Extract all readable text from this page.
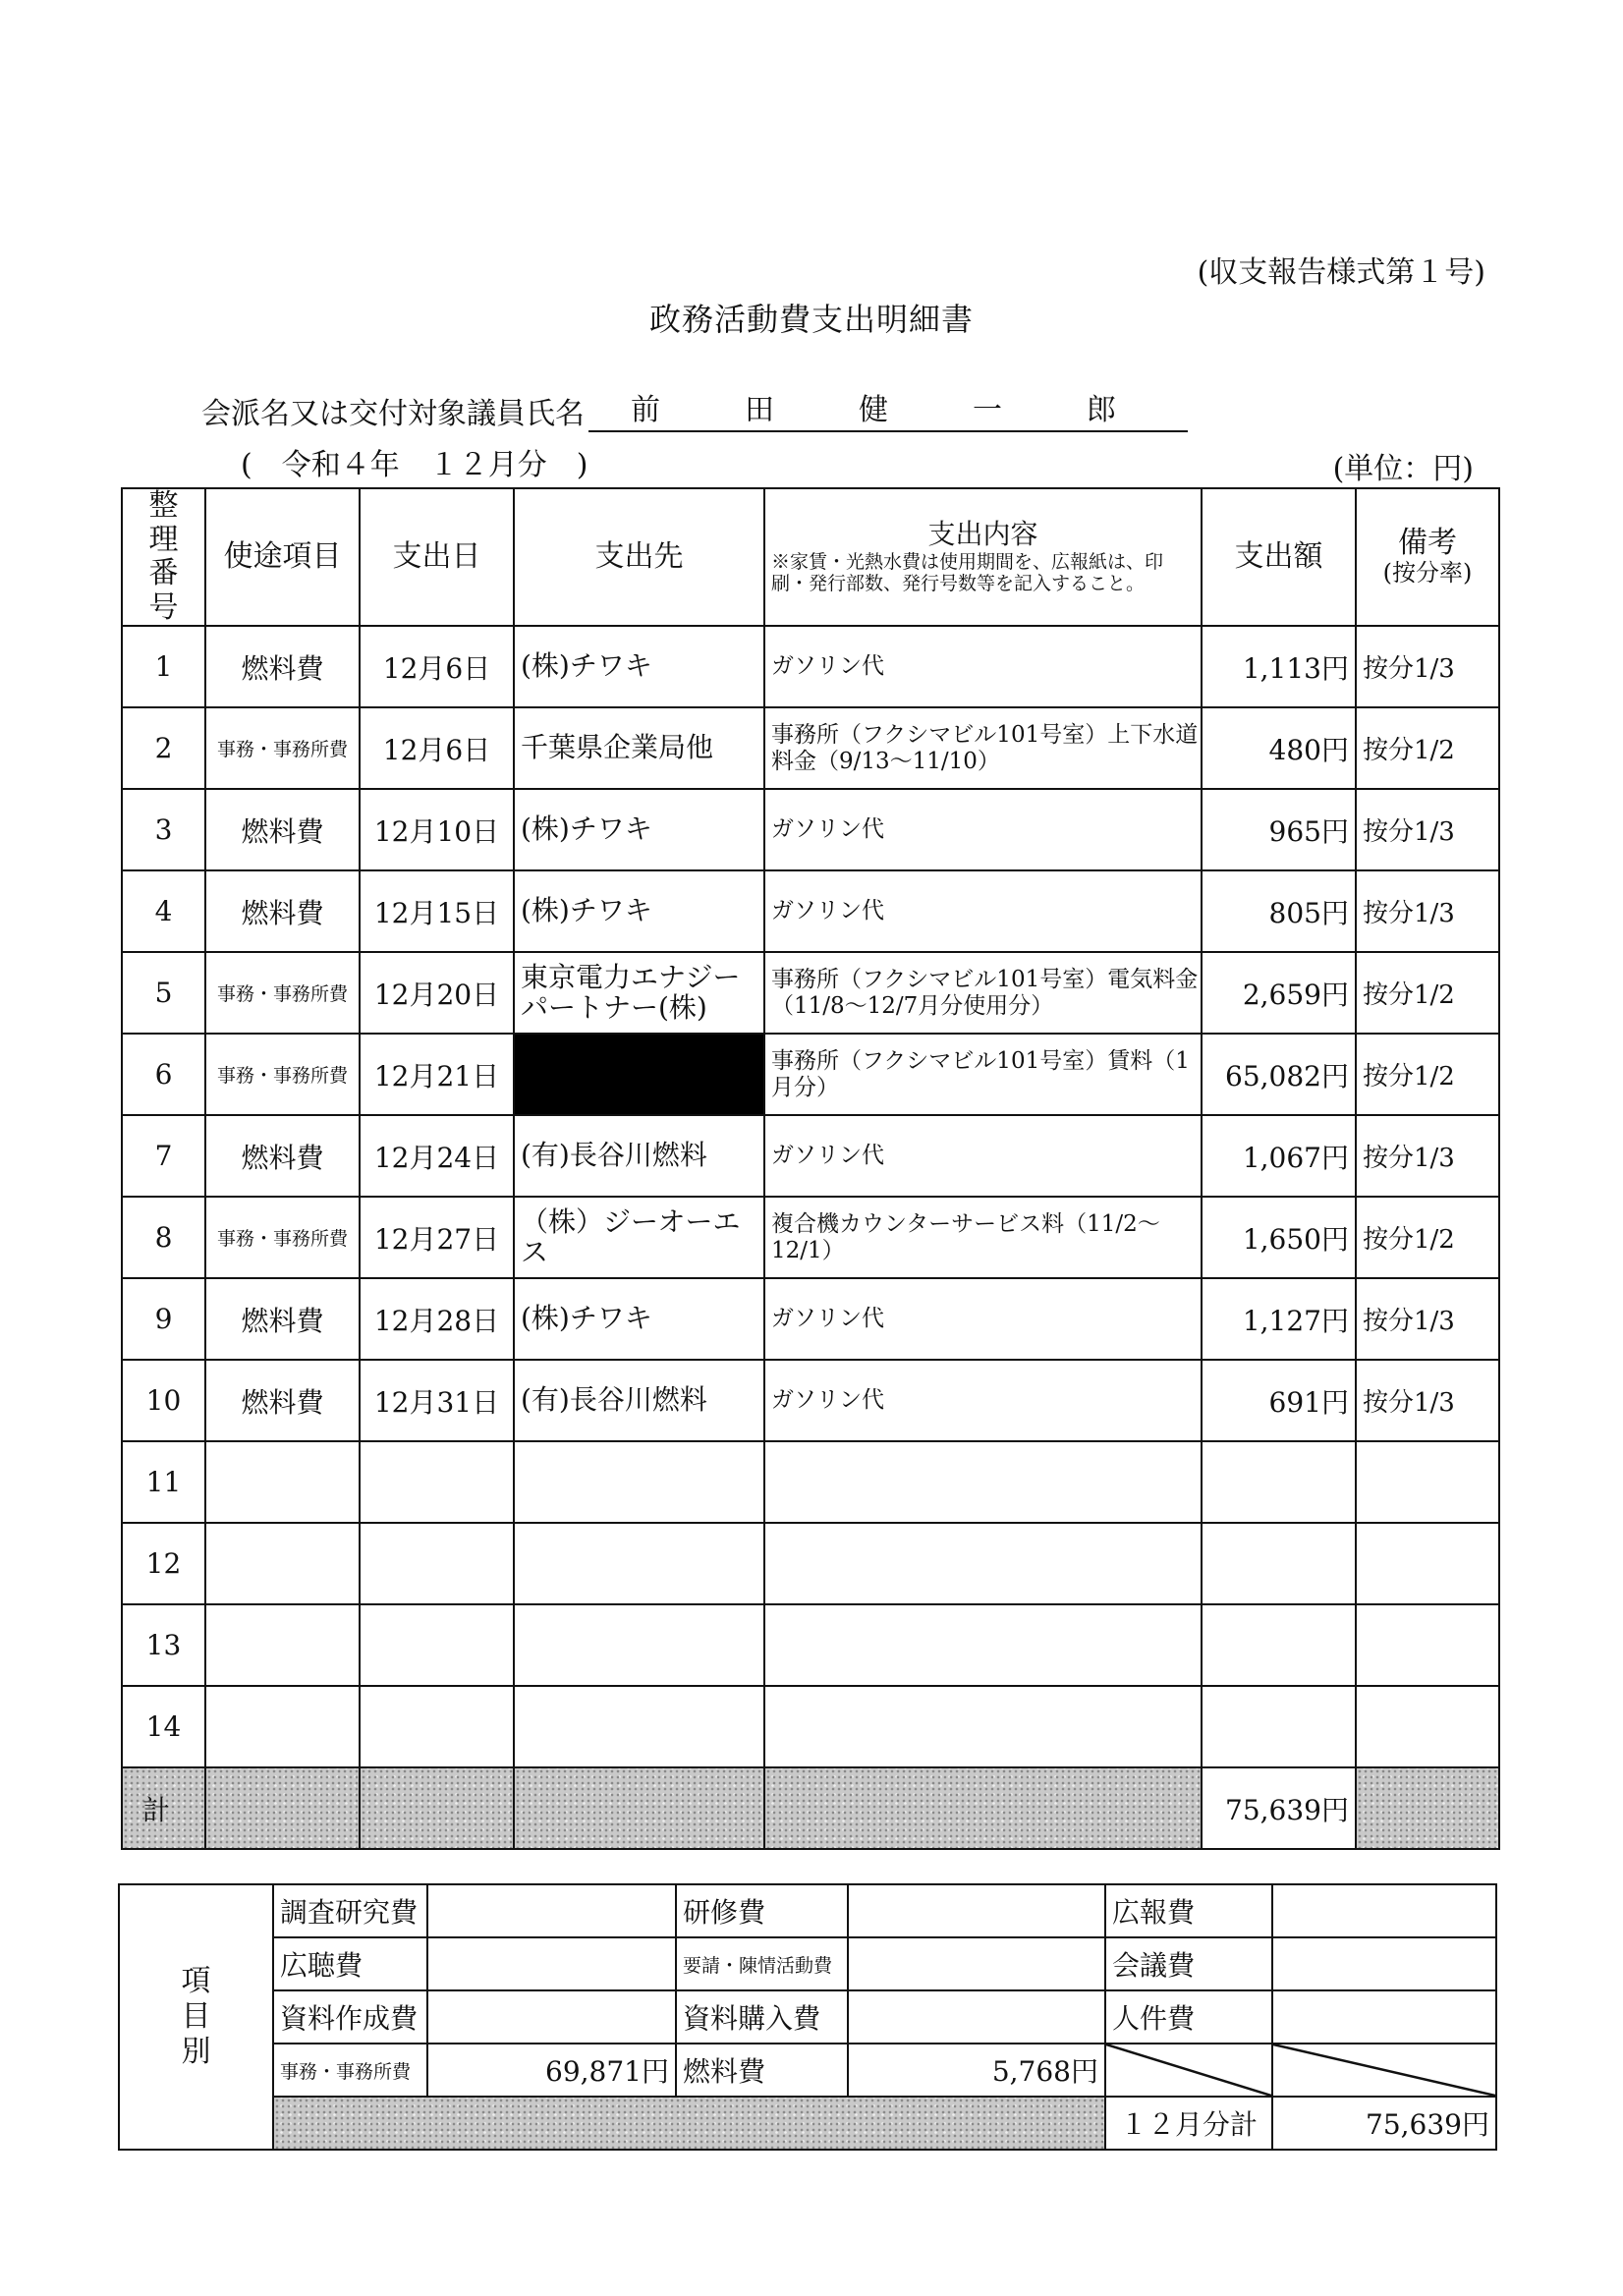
(収支報告様式第１号)
政務活動費支出明細書
会派名又は交付対象議員氏名	前	田	健	一	郎
(　令和４年　１２月分　)	(単位：円)
整理番号	使途項目	支出日	支出先	支出内容
※家賃・光熱水費は使用期間を、広報紙は、印刷・発行部数、発行号数等を記入すること。	支出額	備考
(按分率)

1	燃料費	12月6日	(株)チワキ	ガソリン代	1,113円	按分1/3
2	事務・事務所費	12月6日	千葉県企業局他	事務所（フクシマビル101号室）上下水道料金（9/13～11/10）	480円	按分1/2
3	燃料費	12月10日	(株)チワキ	ガソリン代	965円	按分1/3
4	燃料費	12月15日	(株)チワキ	ガソリン代	805円	按分1/3
5	事務・事務所費	12月20日	東京電力エナジーパートナー(株)	事務所（フクシマビル101号室）電気料金（11/8～12/7月分使用分）	2,659円	按分1/2
6	事務・事務所費	12月21日		事務所（フクシマビル101号室）賃料（1月分）	65,082円	按分1/2
7	燃料費	12月24日	(有)長谷川燃料	ガソリン代	1,067円	按分1/3
8	事務・事務所費	12月27日	（株）ジーオーエス	複合機カウンターサービス料（11/2～12/1）	1,650円	按分1/2
9	燃料費	12月28日	(株)チワキ	ガソリン代	1,127円	按分1/3
10	燃料費	12月31日	(有)長谷川燃料	ガソリン代	691円	按分1/3
11						
12						
13						
14						
計					75,639円	
項
目
別	調査研究費		研修費		広報費	
	広聴費		要請・陳情活動費		会議費	
	資料作成費		資料購入費		人件費	
	事務・事務所費	69,871円	燃料費	5,768円		
					１２月分計	75,639円
